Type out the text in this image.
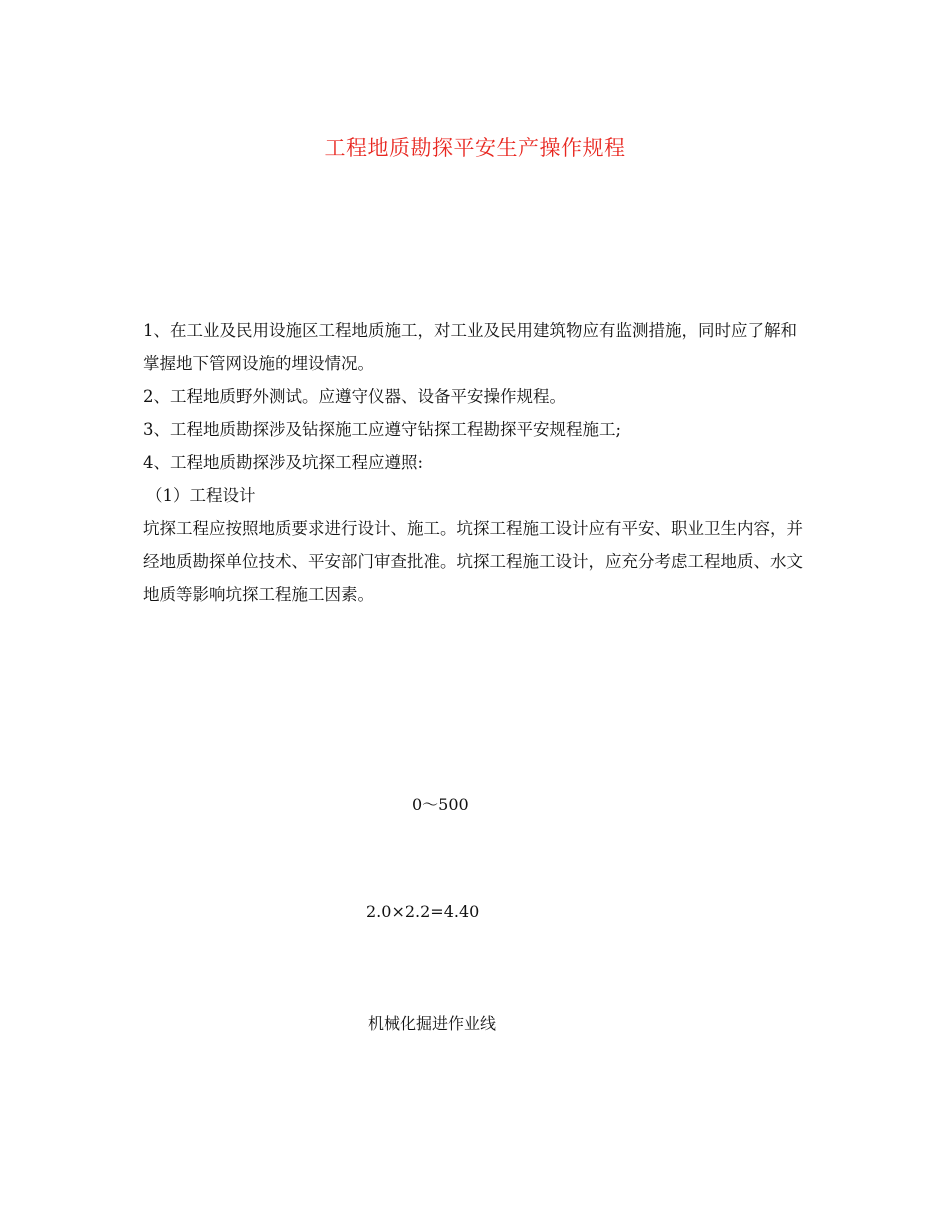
工程地质勘探平安生产操作规程

1、在工业及民用设施区工程地质施工，对工业及民用建筑物应有监测措施，同时应了解和掌握地下管网设施的埋设情况。

2、工程地质野外测试。应遵守仪器、设备平安操作规程。

3、工程地质勘探涉及钻探施工应遵守钻探工程勘探平安规程施工;

4、工程地质勘探涉及坑探工程应遵照:

（1）工程设计

坑探工程应按照地质要求进行设计、施工。坑探工程施工设计应有平安、职业卫生内容，并经地质勘探单位技术、平安部门审查批准。坑探工程施工设计，应充分考虑工程地质、水文地质等影响坑探工程施工因素。

0～500
2.0×2.2=4.40
机械化掘进作业线
